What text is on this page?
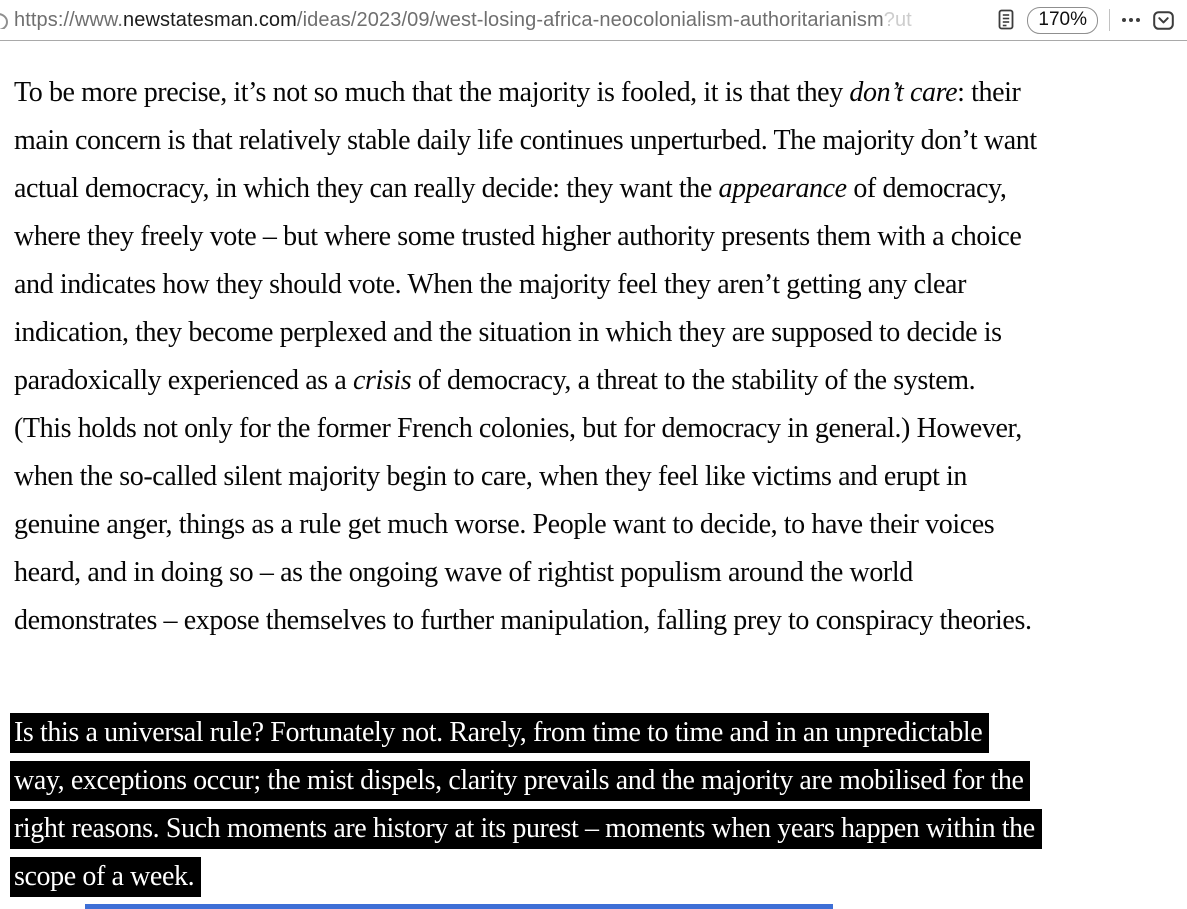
https://www.newstatesman.com/ideas/2023/09/west-losing-africa-neocolonialism-authoritarianism?ut	170%
To be more precise, it’s not so much that the majority is fooled, it is that they don’t care: their
main concern is that relatively stable daily life continues unperturbed. The majority don’t want
actual democracy, in which they can really decide: they want the appearance of democracy,
where they freely vote – but where some trusted higher authority presents them with a choice
and indicates how they should vote. When the majority feel they aren’t getting any clear
indication, they become perplexed and the situation in which they are supposed to decide is
paradoxically experienced as a crisis of democracy, a threat to the stability of the system.
(This holds not only for the former French colonies, but for democracy in general.) However,
when the so-called silent majority begin to care, when they feel like victims and erupt in
genuine anger, things as a rule get much worse. People want to decide, to have their voices
heard, and in doing so – as the ongoing wave of rightist populism around the world
demonstrates – expose themselves to further manipulation, falling prey to conspiracy theories.
Is this a universal rule? Fortunately not. Rarely, from time to time and in an unpredictable
way, exceptions occur; the mist dispels, clarity prevails and the majority are mobilised for the
right reasons. Such moments are history at its purest – moments when years happen within the
scope of a week.
